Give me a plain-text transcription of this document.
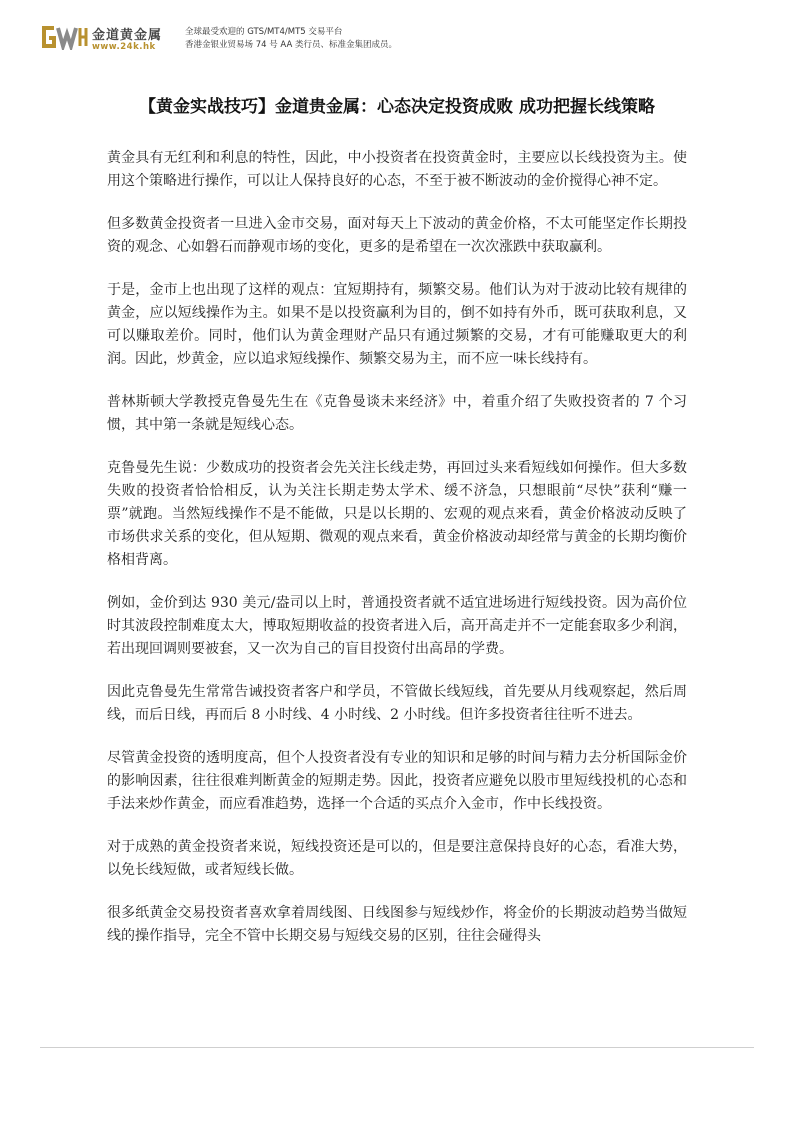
金道黄金属
www.24k.hk
全球最受欢迎的 GTS/MT4/MT5 交易平台
香港金银业贸易场 74 号 AA 类行员、标准金集团成员。
【黄金实战技巧】金道贵金属：心态决定投资成败 成功把握长线策略

黄金具有无红利和利息的特性，因此，中小投资者在投资黄金时，主要应以长线投资为主。使用这个策略进行操作，可以让人保持良好的心态，不至于被不断波动的金价搅得心神不定。

但多数黄金投资者一旦进入金市交易，面对每天上下波动的黄金价格，不太可能坚定作长期投资的观念、心如磐石而静观市场的变化，更多的是希望在一次次涨跌中获取赢利。

于是，金市上也出现了这样的观点：宜短期持有，频繁交易。他们认为对于波动比较有规律的黄金，应以短线操作为主。如果不是以投资赢利为目的，倒不如持有外币，既可获取利息，又可以赚取差价。同时，他们认为黄金理财产品只有通过频繁的交易，才有可能赚取更大的利润。因此，炒黄金，应以追求短线操作、频繁交易为主，而不应一味长线持有。

普林斯顿大学教授克鲁曼先生在《克鲁曼谈未来经济》中，着重介绍了失败投资者的 7 个习惯，其中第一条就是短线心态。

克鲁曼先生说：少数成功的投资者会先关注长线走势，再回过头来看短线如何操作。但大多数失败的投资者恰恰相反，认为关注长期走势太学术、缓不济急，只想眼前“尽快”获利“赚一票”就跑。当然短线操作不是不能做，只是以长期的、宏观的观点来看，黄金价格波动反映了市场供求关系的变化，但从短期、微观的观点来看，黄金价格波动却经常与黄金的长期均衡价格相背离。

例如，金价到达 930 美元/盎司以上时，普通投资者就不适宜进场进行短线投资。因为高价位时其波段控制难度太大，博取短期收益的投资者进入后，高开高走并不一定能套取多少利润，若出现回调则要被套，又一次为自己的盲目投资付出高昂的学费。

因此克鲁曼先生常常告诫投资者客户和学员，不管做长线短线，首先要从月线观察起，然后周线，而后日线，再而后 8 小时线、4 小时线、2 小时线。但许多投资者往往听不进去。

尽管黄金投资的透明度高，但个人投资者没有专业的知识和足够的时间与精力去分析国际金价的影响因素，往往很难判断黄金的短期走势。因此，投资者应避免以股市里短线投机的心态和手法来炒作黄金，而应看准趋势，选择一个合适的买点介入金市，作中长线投资。

对于成熟的黄金投资者来说，短线投资还是可以的，但是要注意保持良好的心态，看准大势，以免长线短做，或者短线长做。

很多纸黄金交易投资者喜欢拿着周线图、日线图参与短线炒作，将金价的长期波动趋势当做短线的操作指导，完全不管中长期交易与短线交易的区别，往往会碰得头
